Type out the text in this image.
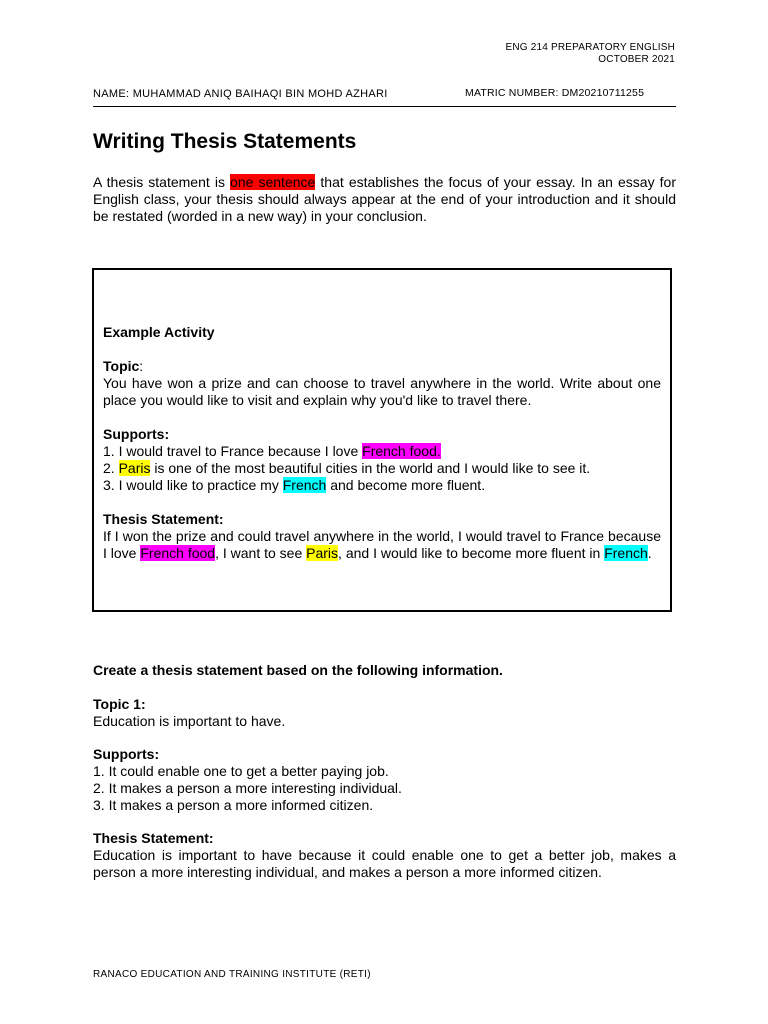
ENG 214 PREPARATORY ENGLISH
OCTOBER 2021
NAME: MUHAMMAD ANIQ BAIHAQI BIN MOHD AZHARI	MATRIC NUMBER: DM20210711255
Writing Thesis Statements

A thesis statement is one sentence that establishes the focus of your essay. In an essay for English class, your thesis should always appear at the end of your introduction and it should be restated (worded in a new way) in your conclusion.

Example Activity
Topic:
You have won a prize and can choose to travel anywhere in the world. Write about one place you would like to visit and explain why you'd like to travel there.
Supports:
1. I would travel to France because I love French food.
2. Paris is one of the most beautiful cities in the world and I would like to see it.
3. I would like to practice my French and become more fluent.
Thesis Statement:
If I won the prize and could travel anywhere in the world, I would travel to France because I love French food, I want to see Paris, and I would like to become more fluent in French.
Create a thesis statement based on the following information.
Topic 1:
Education is important to have.
Supports:
1. It could enable one to get a better paying job.
2. It makes a person a more interesting individual.
3. It makes a person a more informed citizen.
Thesis Statement:
Education is important to have because it could enable one to get a better job, makes a person a more interesting individual, and makes a person a more informed citizen.
RANACO EDUCATION AND TRAINING INSTITUTE (RETI)
